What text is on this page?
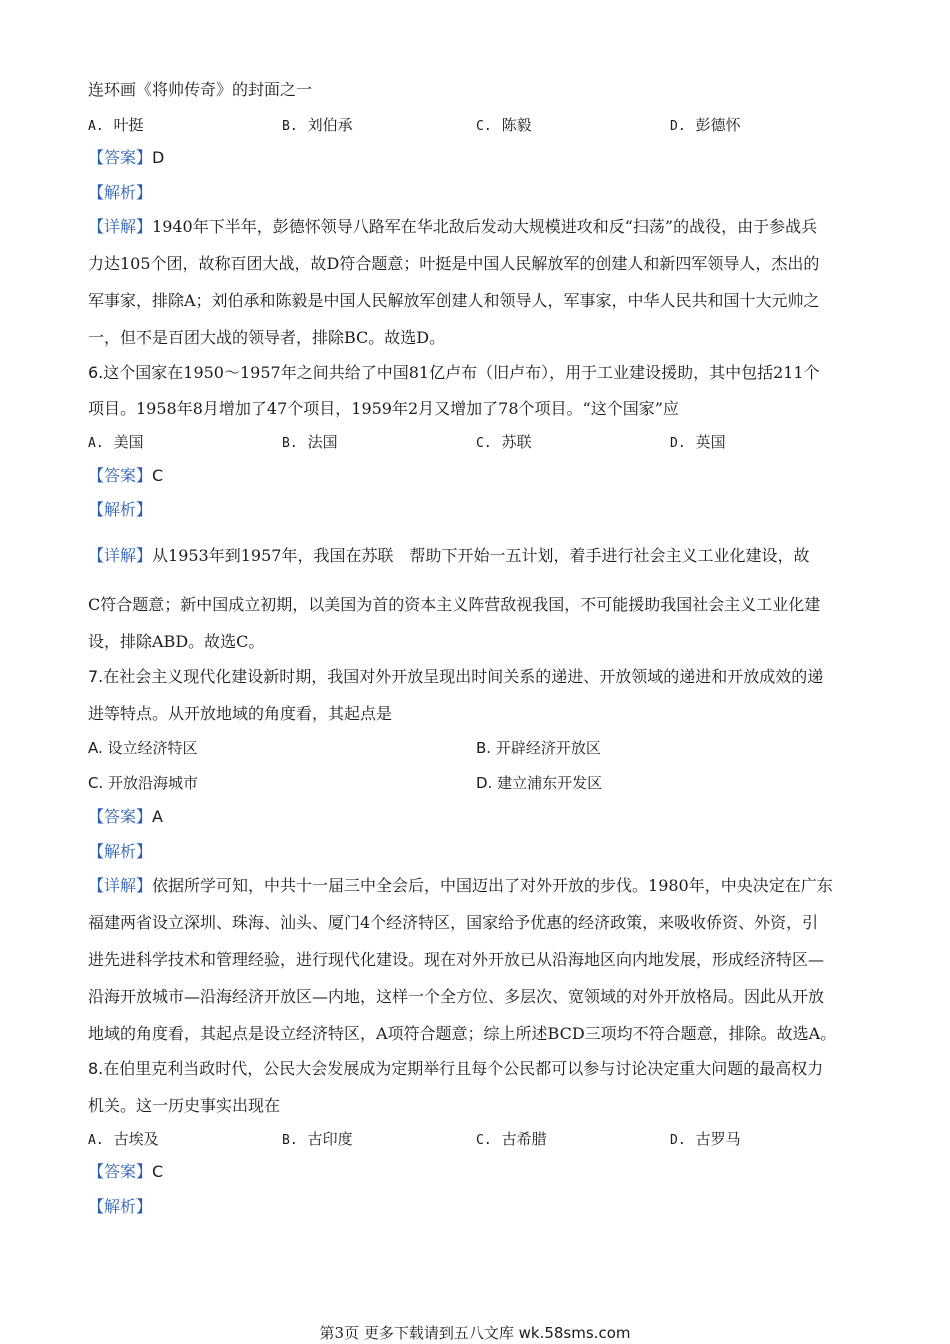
连环画《将帅传奇》的封面之一
A. 叶挺	B. 刘伯承	C. 陈毅	D. 彭德怀
【答案】D
【解析】
【详解】1940年下半年，彭德怀领导八路军在华北敌后发动大规模进攻和反“扫荡”的战役，由于参战兵
力达105个团，故称百团大战，故D符合题意；叶挺是中国人民解放军的创建人和新四军领导人，杰出的
军事家，排除A；刘伯承和陈毅是中国人民解放军创建人和领导人，军事家，中华人民共和国十大元帅之
一，但不是百团大战的领导者，排除BC。故选D。
6.这个国家在1950～1957年之间共给了中国81亿卢布（旧卢布），用于工业建设援助，其中包括211个
项目。1958年8月增加了47个项目，1959年2月又增加了78个项目。“这个国家”应
A. 美国	B. 法国	C. 苏联	D. 英国
【答案】C
【解析】
【详解】从1953年到1957年，我国在苏联　帮助下开始一五计划，着手进行社会主义工业化建设，故
C符合题意；新中国成立初期，以美国为首的资本主义阵营敌视我国，不可能援助我国社会主义工业化建
设，排除ABD。故选C。
7.在社会主义现代化建设新时期，我国对外开放呈现出时间关系的递进、开放领域的递进和开放成效的递
进等特点。从开放地域的角度看，其起点是
A. 设立经济特区	B. 开辟经济开放区
C. 开放沿海城市	D. 建立浦东开发区
【答案】A
【解析】
【详解】依据所学可知，中共十一届三中全会后，中国迈出了对外开放的步伐。1980年，中央决定在广东
福建两省设立深圳、珠海、汕头、厦门4个经济特区，国家给予优惠的经济政策，来吸收侨资、外资，引
进先进科学技术和管理经验，进行现代化建设。现在对外开放已从沿海地区向内地发展，形成经济特区—
沿海开放城市—沿海经济开放区—内地，这样一个全方位、多层次、宽领域的对外开放格局。因此从开放
地域的角度看，其起点是设立经济特区，A项符合题意；综上所述BCD三项均不符合题意，排除。故选A。
8.在伯里克利当政时代，公民大会发展成为定期举行且每个公民都可以参与讨论决定重大问题的最高权力
机关。这一历史事实出现在
A. 古埃及	B. 古印度	C. 古希腊	D. 古罗马
【答案】C
【解析】
第3页 更多下载请到五八文库 wk.58sms.com
